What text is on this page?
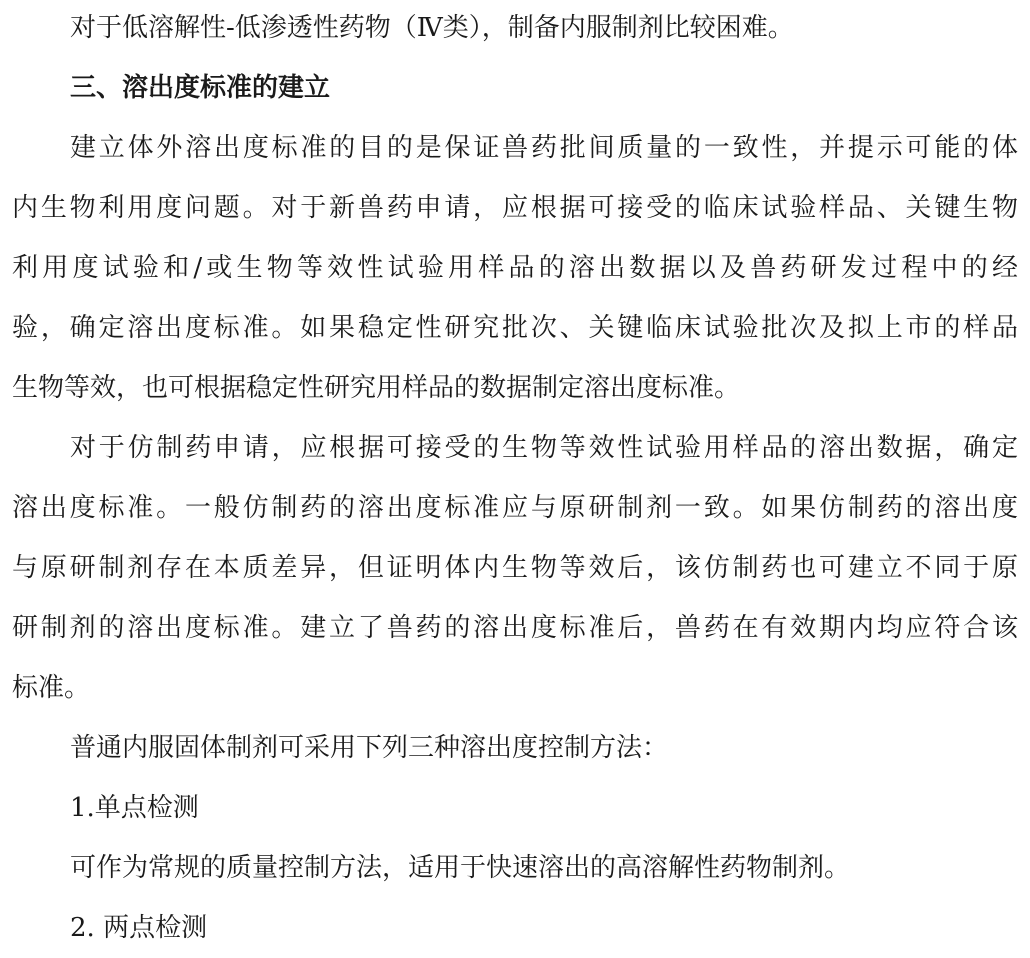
对于低溶解性-低渗透性药物（Ⅳ类），制备内服制剂比较困难。
三、溶出度标准的建立
建立体外溶出度标准的目的是保证兽药批间质量的一致性，并提示可能的体
内生物利用度问题。对于新兽药申请，应根据可接受的临床试验样品、关键生物
利用度试验和/或生物等效性试验用样品的溶出数据以及兽药研发过程中的经
验，确定溶出度标准。如果稳定性研究批次、关键临床试验批次及拟上市的样品
生物等效，也可根据稳定性研究用样品的数据制定溶出度标准。
对于仿制药申请，应根据可接受的生物等效性试验用样品的溶出数据，确定
溶出度标准。一般仿制药的溶出度标准应与原研制剂一致。如果仿制药的溶出度
与原研制剂存在本质差异，但证明体内生物等效后，该仿制药也可建立不同于原
研制剂的溶出度标准。建立了兽药的溶出度标准后，兽药在有效期内均应符合该
标准。
普通内服固体制剂可采用下列三种溶出度控制方法：
1.单点检测
可作为常规的质量控制方法，适用于快速溶出的高溶解性药物制剂。
2. 两点检测
